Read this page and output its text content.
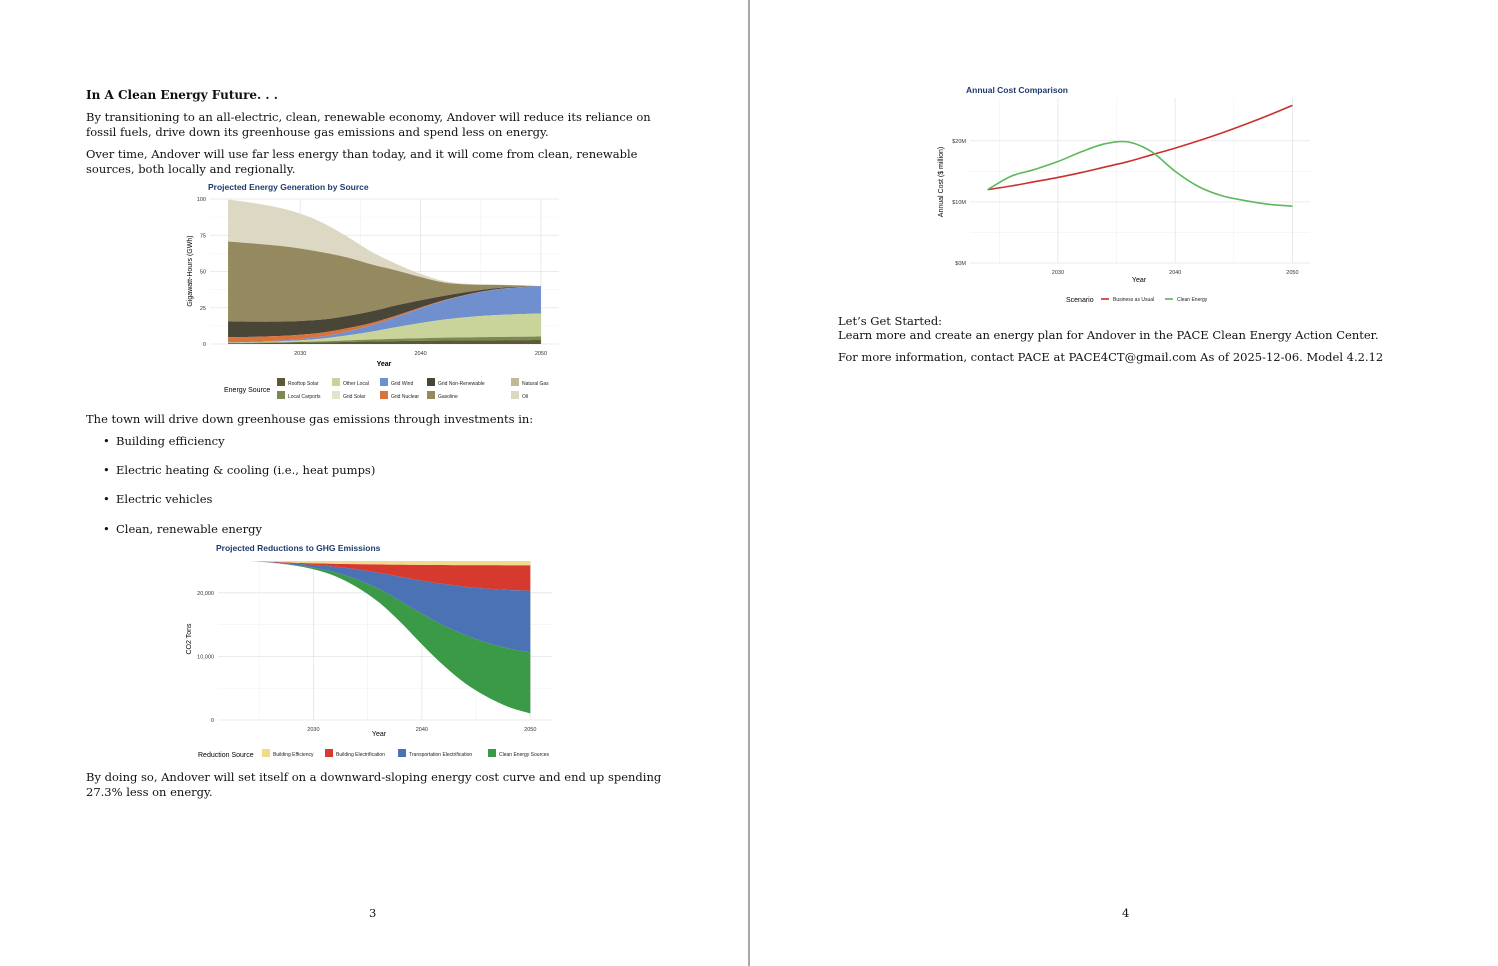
In A Clean Energy Future. . .

By transitioning to an all-electric, clean, renewable economy, Andover will reduce its reliance on fossil fuels, drive down its greenhouse gas emissions and spend less on energy.

Over time, Andover will use far less energy than today, and it will come from clean, renewable sources, both locally and regionally.

Projected Energy Generation by Source
0
25
50
75
100
2030	2040	2050
Year
Gigawatt-Hours (GWh)
Energy Source
Rooftop Solar
Local Carports
Other Local
Grid Solar
Grid Wind
Grid Nuclear
Grid Non-Renewable
Gasoline
Natural Gas
Oil

The town will drive down greenhouse gas emissions through investments in:

• Building efficiency
• Electric heating & cooling (i.e., heat pumps)
• Electric vehicles
• Clean, renewable energy
Projected Reductions to GHG Emissions
0
10,000
20,000
2030	2040	2050
Year
CO2 Tons
Reduction Source	Building Efficiency	Building Electrification	Transportation Electrification	Clean Energy Sources

By doing so, Andover will set itself on a downward-sloping energy cost curve and end up spending 27.3% less on energy.

3
Annual Cost Comparison
$0M
$10M
$20M
2030	2040	2050
Year
Annual Cost ($ million)
Scenario	Business as Usual	Clean Energy

Let’s Get Started:

Learn more and create an energy plan for Andover in the PACE Clean Energy Action Center.

For more information, contact PACE at PACE4CT@gmail.com As of 2025-12-06. Model 4.2.12

4
